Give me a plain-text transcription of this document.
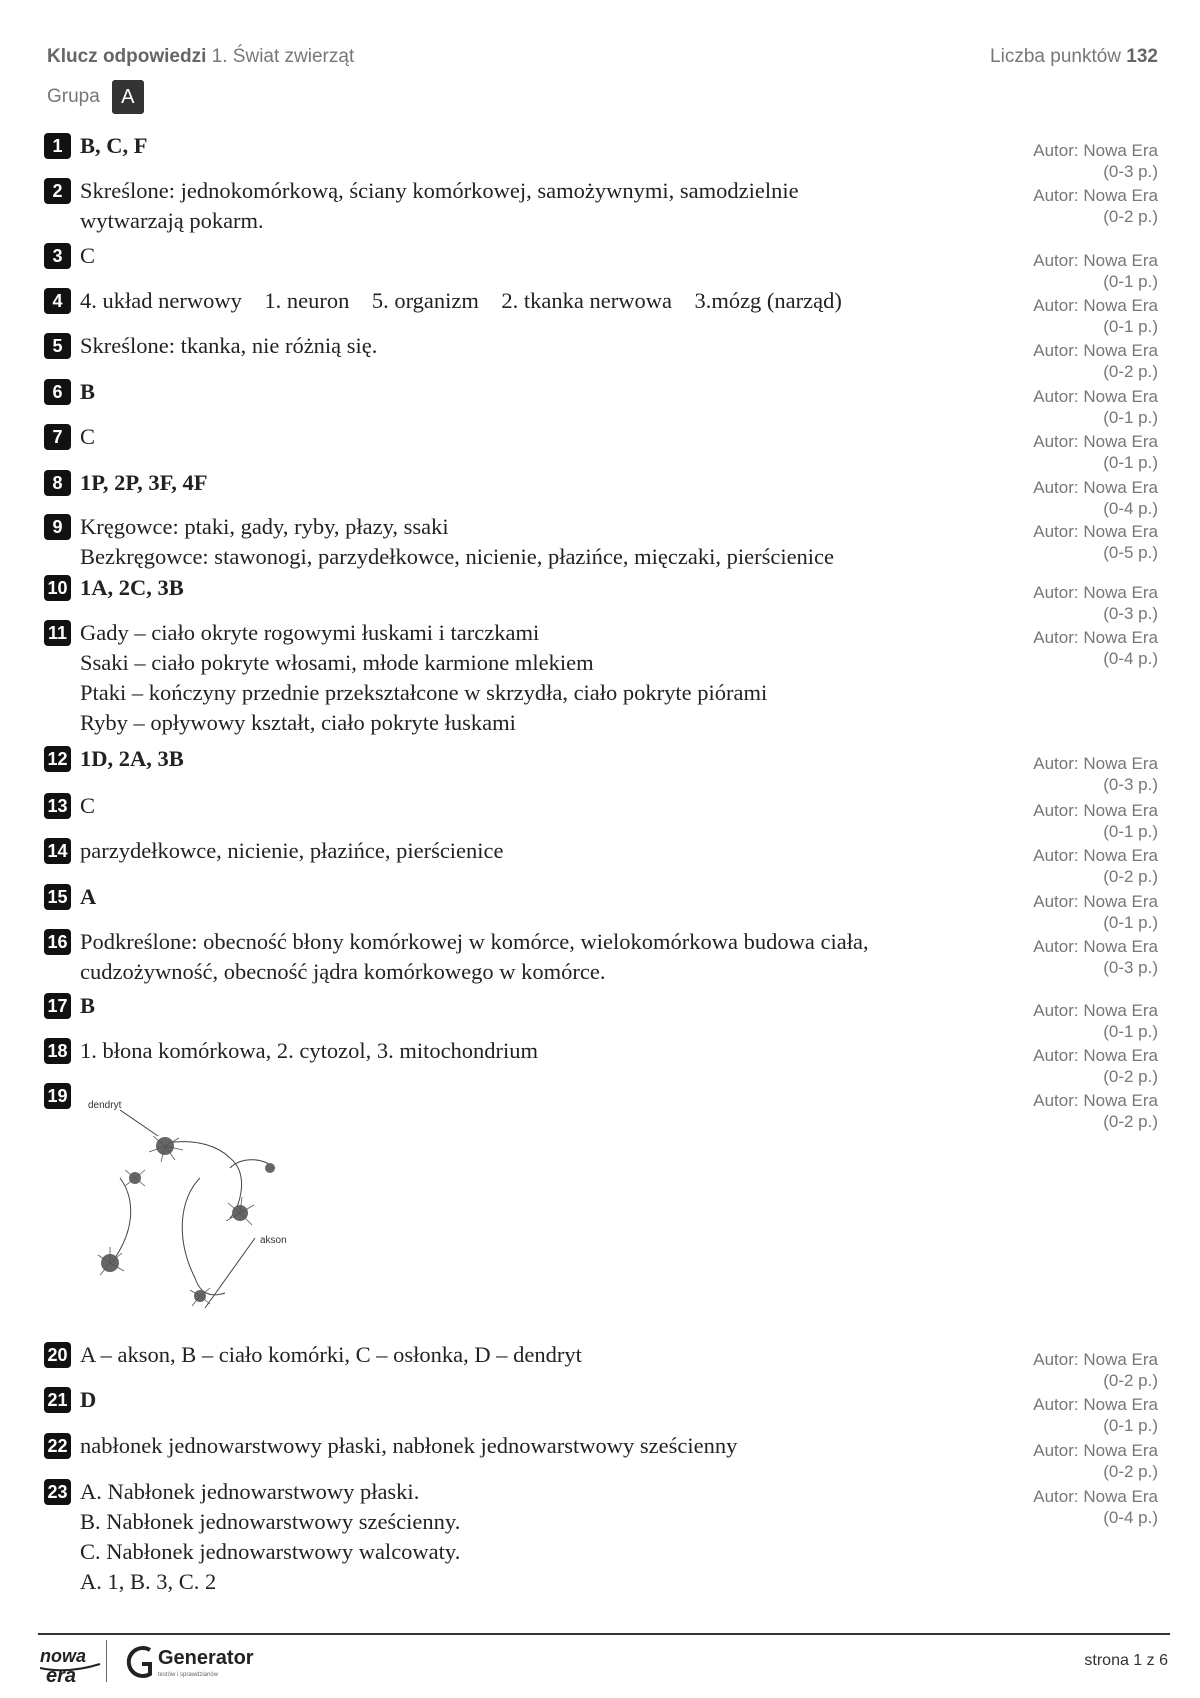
Klucz odpowiedzi 1. Świat zwierząt	Liczba punktów 132
Grupa	A
1 B, C, F	Autor: Nowa Era
(0-3 p.)
2 Skreślone: jednokomórkową, ściany komórkowej, samożywnymi, samodzielnie
wytwarzają pokarm.
Autor: Nowa Era
(0-2 p.)
3 C	Autor: Nowa Era
(0-1 p.)
4 4. układ nerwowy    1. neuron    5. organizm    2. tkanka nerwowa    3.mózg (narząd)	Autor: Nowa Era
(0-1 p.)
5 Skreślone: tkanka, nie różnią się.	Autor: Nowa Era
(0-2 p.)
6 B	Autor: Nowa Era
(0-1 p.)
7 C	Autor: Nowa Era
(0-1 p.)
8 1P, 2P, 3F, 4F	Autor: Nowa Era
(0-4 p.)
9 Kręgowce: ptaki, gady, ryby, płazy, ssaki
Bezkręgowce: stawonogi, parzydełkowce, nicienie, płazińce, mięczaki, pierścienice
Autor: Nowa Era
(0-5 p.)
10 1A, 2C, 3B	Autor: Nowa Era
(0-3 p.)
11 Gady – ciało okryte rogowymi łuskami i tarczkami
Ssaki – ciało pokryte włosami, młode karmione mlekiem
Ptaki – kończyny przednie przekształcone w skrzydła, ciało pokryte piórami
Ryby – opływowy kształt, ciało pokryte łuskami
Autor: Nowa Era
(0-4 p.)
12 1D, 2A, 3B	Autor: Nowa Era
(0-3 p.)
13 C	Autor: Nowa Era
(0-1 p.)
14 parzydełkowce, nicienie, płazińce, pierścienice	Autor: Nowa Era
(0-2 p.)
15 A	Autor: Nowa Era
(0-1 p.)
16 Podkreślone: obecność błony komórkowej w komórce, wielokomórkowa budowa ciała,
cudzożywność, obecność jądra komórkowego w komórce.
Autor: Nowa Era
(0-3 p.)
17 B	Autor: Nowa Era
(0-1 p.)
18 1. błona komórkowa, 2. cytozol, 3. mitochondrium	Autor: Nowa Era
(0-2 p.)
19	Autor: Nowa Era
(0-2 p.)
20 A – akson, B – ciało komórki, C – osłonka, D – dendryt	Autor: Nowa Era
(0-2 p.)
21 D	Autor: Nowa Era
(0-1 p.)
22 nabłonek jednowarstwowy płaski, nabłonek jednowarstwowy sześcienny	Autor: Nowa Era
(0-2 p.)
23 A. Nabłonek jednowarstwowy płaski.
B. Nabłonek jednowarstwowy sześcienny.
C. Nabłonek jednowarstwowy walcowaty.
A. 1, B. 3, C. 2
Autor: Nowa Era
(0-4 p.)
dendryt
akson
nowa
era
Generator
testów i sprawdzianów
strona 1 z 6
